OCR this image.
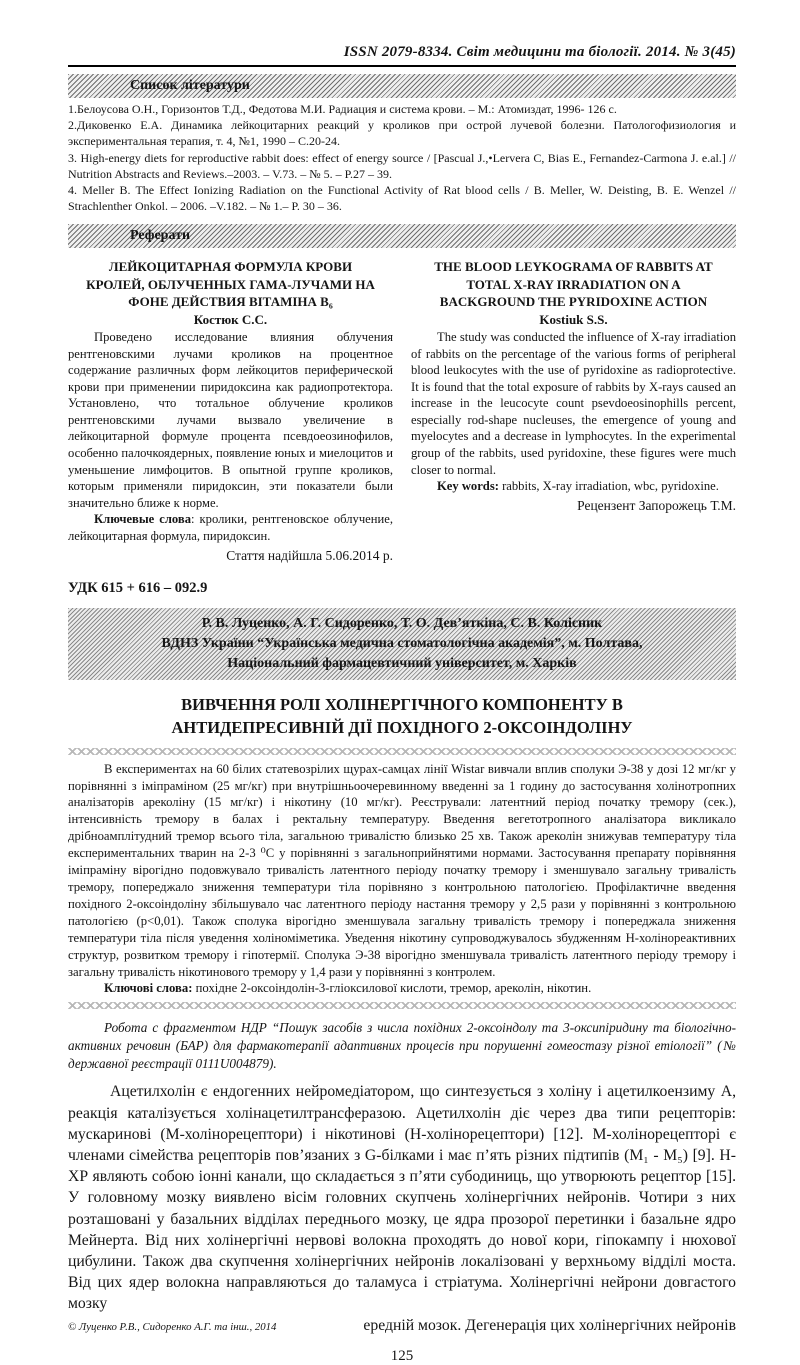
ISSN 2079-8334. Світ медицини та біології. 2014. № 3(45)
Список літератури

1.Белоусова О.Н., Горизонтов Т.Д., Федотова М.И. Радиация и система крови. – М.: Атомиздат, 1996- 126 с.

2.Диковенко Е.А. Динамика лейкоцитарних реакций у кроликов при острой лучевой болезни. Патологофизиология и экспериментальная терапия, т. 4, №1, 1990 – С.20-24.

3. High-energy diets for reproductive rabbit does: effect of energy source / [Pascual J.,•Lervera C, Bias E., Fernandez-Carmona J. e.al.] // Nutrition Abstracts and Reviews.–2003. – V.73. – № 5. – P.27 – 39.

4. Meller B. The Effect Ionizing Radiation on the Functional Activity of Rat blood cells / B. Meller, W. Deisting, B. E. Wenzel // Strachlenther Onkol. – 2006. –V.182. – № 1.– P. 30 – 36.

Реферати
ЛЕЙКОЦИТАРНАЯ ФОРМУЛА КРОВИ КРОЛЕЙ, ОБЛУЧЕННЫХ ГАМА-ЛУЧАМИ НА ФОНЕ ДЕЙСТВИЯ ВІТАМІНА В₆
Костюк С.С.

Проведено исследование влияния облучения рентгеновскими лучами кроликов на процентное содержание различных форм лейкоцитов периферической крови при применении пиридоксина как радиопротектора. Установлено, что тотальное облучение кроликов рентгеновскими лучами вызвало увеличение в лейкоцитарной формуле процента псевдоеозинофилов, особенно палочкоядерных, появление юных и миелоцитов и уменьшение лимфоцитов. В опытной группе кроликов, которым применяли пиридоксин, эти показатели были значительно ближе к норме.

Ключевые слова: кролики, рентгеновское облучение, лейкоцитарная формула, пиридоксин.

Стаття надійшла 5.06.2014 р.
THE BLOOD LEYKOGRAMA OF RABBITS AT TOTAL X-RAY IRRADIATION ON A BACKGROUND THE PYRIDOXINE ACTION
Kostiuk S.S.

The study was conducted the influence of X-ray irradiation of rabbits on the percentage of the various forms of peripheral blood leukocytes with the use of pyridoxine as radioprotective. It is found that the total exposure of rabbits by X-rays caused an increase in the leucocyte count psevdoeosinophills percent, especially rod-shape nucleuses, the emergence of young and myelocytes and a decrease in lymphocytes. In the experimental group of the rabbits, used pyridoxine, these figures were much closer to normal.

Key words: rabbits, X-ray irradiation, wbc, pyridoxine.

Рецензент Запорожець Т.М.
УДК 615 + 616 – 092.9
Р. В. Луценко, А. Г. Сидоренко, Т. О. Дев’яткіна, С. В. Колісник
ВДНЗ України “Українська медична стоматологічна академія”, м. Полтава,
Національний фармацевтичний університет, м. Харків
ВИВЧЕННЯ РОЛІ ХОЛІНЕРГІЧНОГО КОМПОНЕНТУ В АНТИДЕПРЕСИВНІЙ ДІЇ ПОХІДНОГО 2-ОКСОІНДОЛІНУ

В експериментах на 60 білих статевозрілих щурах-самцах лінії Wistar вивчали вплив сполуки Э-38 у дозі 12 мг/кг у порівнянні з іміпраміном (25 мг/кг) при внутрішньоочеревинному введенні за 1 годину до застосування холінотропних аналізаторів ареколіну (15 мг/кг) і нікотину (10 мг/кг). Реєстрували: латентний період початку тремору (сек.), інтенсивність тремору в балах і ректальну температуру. Введення вегетотропного аналізатора викликало дрібноамплітудний тремор всього тіла, загальною тривалістю близько 25 хв. Також ареколін знижував температуру тіла експериментальних тварин на 2-3 ⁰С у порівнянні з загальноприйнятими нормами. Застосування препарату порівняння іміпраміну вірогідно подовжувало тривалість латентного періоду початку тремору і зменшувало загальну тривалість тремору, попереджало зниження температури тіла порівняно з контрольною патологією. Профілактичне введення похідного 2-оксоіндоліну збільшувало час латентного періоду настання тремору у 2,5 рази у порівнянні з контрольною патологією (p<0,01). Також сполука вірогідно зменшувала загальну тривалість тремору і попереджала зниження температури тіла після уведення холіноміметика. Уведення нікотину супроводжувалось збудженням Н-холінореактивних структур, розвитком тремору і гіпотермії. Сполука Э-38 вірогідно зменшувала тривалість латентного періоду тремору і загальну тривалість нікотинового тремору у 1,4 рази у порівнянні з контролем.

Ключові слова: похідне 2-оксоіндолін-3-гліоксилової кислоти, тремор, ареколін, нікотин.

Робота с фрагментом НДР “Пошук засобів з числа похідних 2-оксоіндолу та 3-оксипіридину та біологічно-активних речовин (БАР) для фармакотерапії адаптивних процесів при порушенні гомеостазу різної етіології” (№ державної реєстрації 0111U004879).

Ацетилхолін є ендогенних нейромедіатором, що синтезується з холіну і ацетилкоензиму А, реакція каталізується холінацетилтрансферазою. Ацетилхолін діє через два типи рецепторів: мускаринові (М-холінорецептори) і нікотинові (Н-холінорецептори) [12]. М-холінорецепторі є членами сімейства рецепторів пов’язаних з G-білками і має п’ять різних підтипів (М₁ - М₅) [9]. Н-ХР являють собою іонні канали, що складається з п’яти субодиниць, що утворюють рецептор [15]. У головному мозку виявлено вісім головних скупчень холінергічних нейронів. Чотири з них розташовані у базальних відділах переднього мозку, це ядра прозорої перетинки і базальне ядро Мейнерта. Від них холінергічні нервові волокна проходять до нової кори, гіпокампу і нюхової цибулини. Також два скупчення холінергічних нейронів локалізовані у верхньому відділі моста. Від цих ядер волокна направляються до таламуса і стріатума. Холінергічні нейрони довгастого мозку

© Луценко Р.В., Сидоренко А.Г. та інш., 2014	ередній мозок. Дегенерація цих холінергічних нейронів
125
